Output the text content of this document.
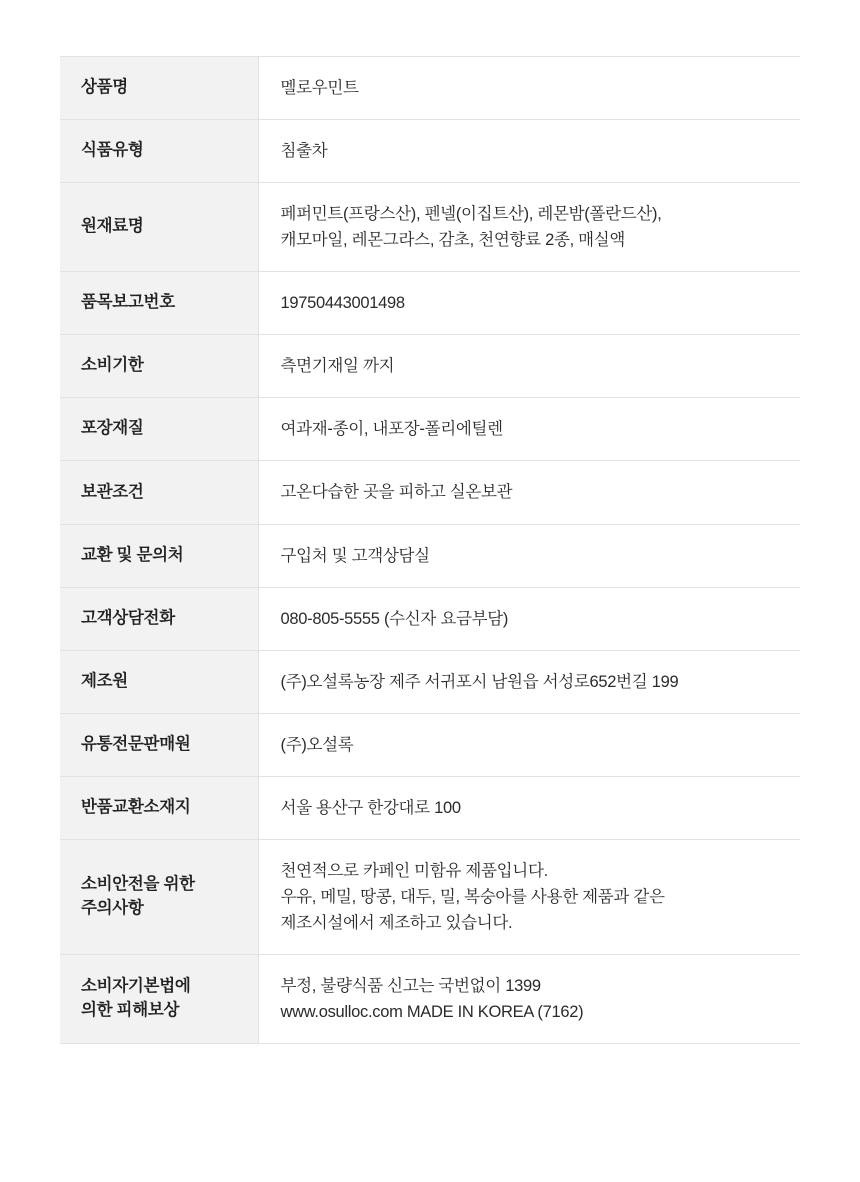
상품명	멜로우민트

식품유형	침출차

원재료명	페퍼민트(프랑스산), 펜넬(이집트산), 레몬밤(폴란드산),
캐모마일, 레몬그라스, 감초, 천연향료 2종, 매실액

품목보고번호	19750443001498

소비기한	측면기재일 까지

포장재질	여과재-종이, 내포장-폴리에틸렌

보관조건	고온다습한 곳을 피하고 실온보관

교환 및 문의처	구입처 및 고객상담실

고객상담전화	080-805-5555 (수신자 요금부담)

제조원	(주)오설록농장 제주 서귀포시 남원읍 서성로652번길 199

유통전문판매원	(주)오설록

반품교환소재지	서울 용산구 한강대로 100

소비안전을 위한
주의사항	천연적으로 카페인 미함유 제품입니다.
우유, 메밀, 땅콩, 대두, 밀, 복숭아를 사용한 제품과 같은
제조시설에서 제조하고 있습니다.

소비자기본법에
의한 피해보상	부정, 불량식품 신고는 국번없이 1399
www.osulloc.com MADE IN KOREA (7162)
